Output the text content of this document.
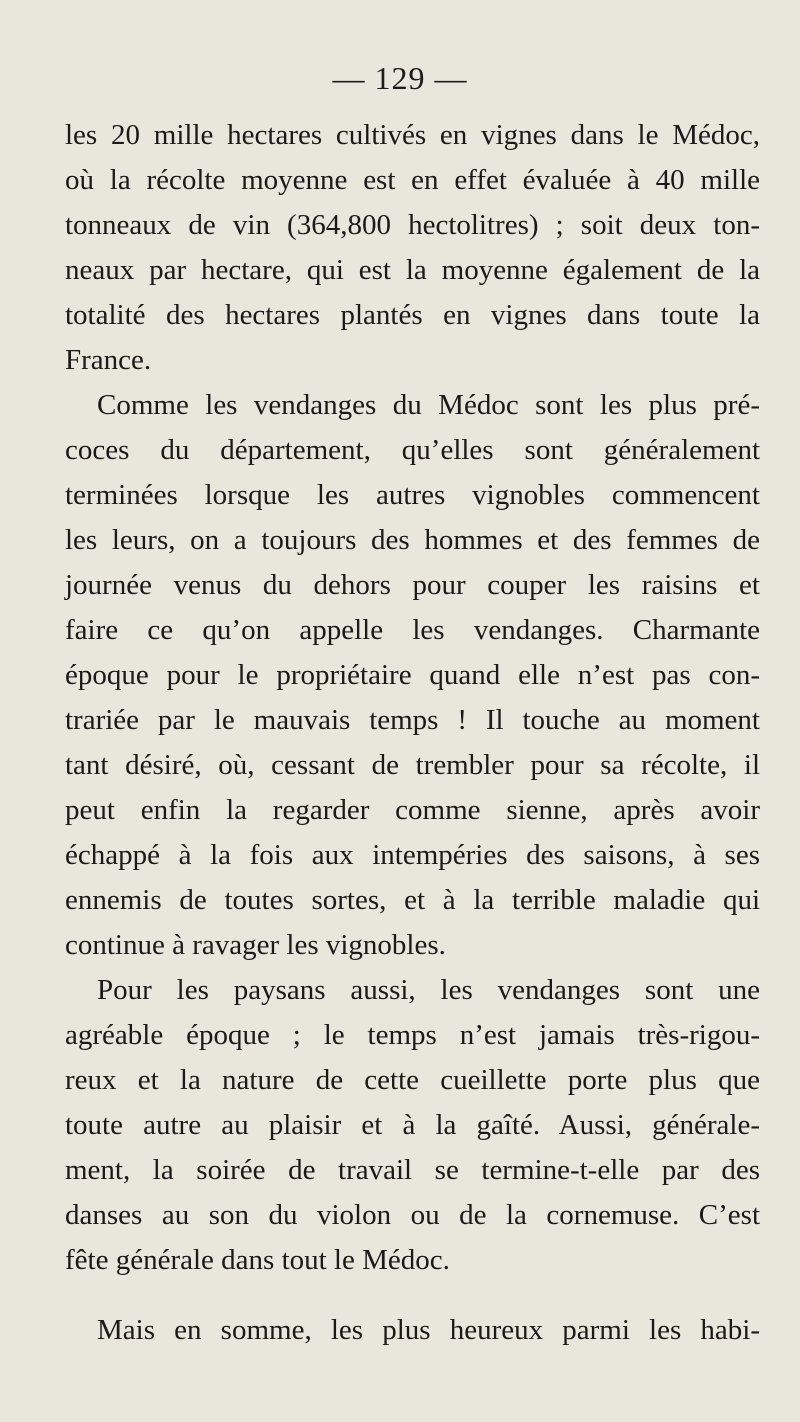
— 129 —
les 20 mille hectares cultivés en vignes dans le Médoc,
où la récolte moyenne est en effet évaluée à 40 mille
tonneaux de vin (364,800 hectolitres) ; soit deux ton-
neaux par hectare, qui est la moyenne également de la
totalité des hectares plantés en vignes dans toute la
France.
Comme les vendanges du Médoc sont les plus pré-
coces du département, qu’elles sont généralement
terminées lorsque les autres vignobles commencent
les leurs, on a toujours des hommes et des femmes de
journée venus du dehors pour couper les raisins et
faire ce qu’on appelle les vendanges. Charmante
époque pour le propriétaire quand elle n’est pas con-
trariée par le mauvais temps ! Il touche au moment
tant désiré, où, cessant de trembler pour sa récolte, il
peut enfin la regarder comme sienne, après avoir
échappé à la fois aux intempéries des saisons, à ses
ennemis de toutes sortes, et à la terrible maladie qui
continue à ravager les vignobles.
Pour les paysans aussi, les vendanges sont une
agréable époque ; le temps n’est jamais très-rigou-
reux et la nature de cette cueillette porte plus que
toute autre au plaisir et à la gaîté. Aussi, générale-
ment, la soirée de travail se termine-t-elle par des
danses au son du violon ou de la cornemuse. C’est
fête générale dans tout le Médoc.
Mais en somme, les plus heureux parmi les habi-
